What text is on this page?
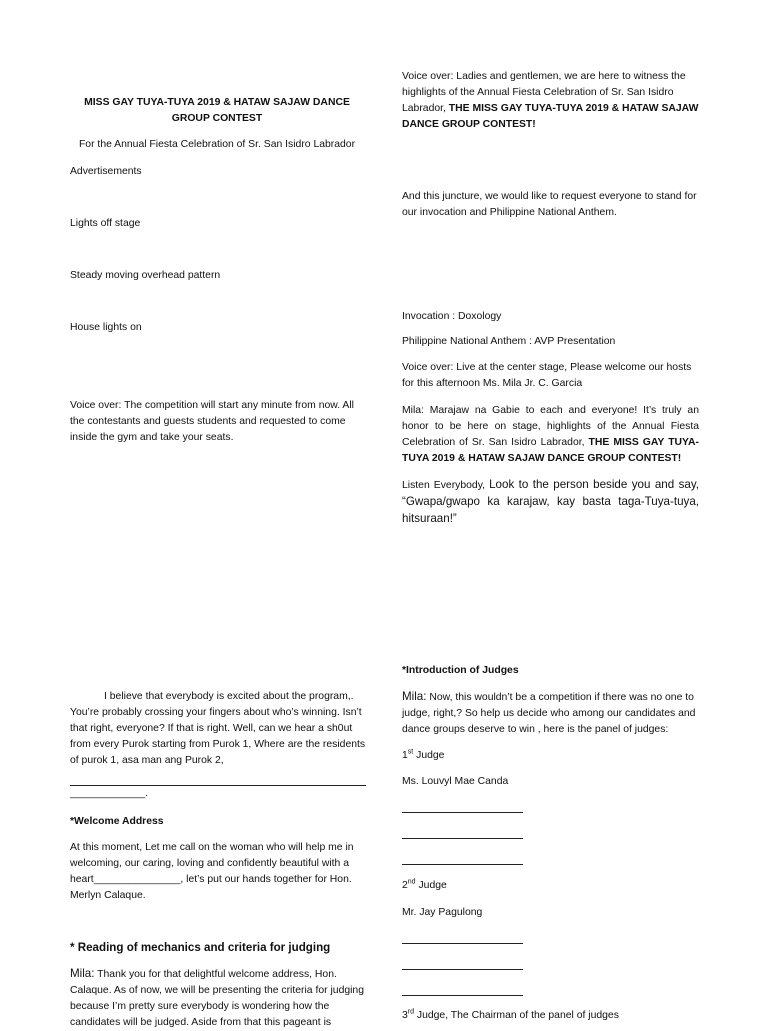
MISS GAY TUYA-TUYA 2019 & HATAW SAJAW DANCE GROUP CONTEST
For the Annual Fiesta Celebration of Sr. San Isidro Labrador
Advertisements
Lights off stage
Steady moving overhead pattern
House lights on
Voice over: The competition will start any minute from now. All the contestants and guests students and requested to come inside the gym and take your seats.
I believe that everybody is excited about the program,. You’re probably crossing your fingers about who’s winning. Isn’t that right, everyone? If that is right. Well, can we hear a sh0ut from every Purok starting from Purok 1, Where are the residents of purok 1, asa man ang Purok 2,
_____________.
*Welcome Address
At this moment, Let me call on the woman who will help me in welcoming, our caring, loving and confidently beautiful with a heart_______________, let’s put our hands together for Hon. Merlyn Calaque.
* Reading of mechanics and criteria for judging
Mila: Thank you for that delightful welcome address, Hon. Calaque. As of now, we will be presenting the criteria for judging because I’m pretty sure everybody is wondering how the candidates will be judged. Aside from that this pageant is
Voice over: Ladies and gentlemen, we are here to witness the highlights of the Annual Fiesta Celebration of Sr. San Isidro Labrador, THE MISS GAY TUYA-TUYA 2019 & HATAW SAJAW DANCE GROUP CONTEST!
And this juncture, we would like to request everyone to stand for our invocation and Philippine National Anthem.
Invocation : Doxology
Philippine National Anthem : AVP Presentation
Voice over: Live at the center stage, Please welcome our hosts for this afternoon Ms. Mila Jr. C. Garcia
Mila: Marajaw na Gabie to each and everyone! It’s truly an honor to be here on stage, highlights of the Annual Fiesta Celebration of Sr. San Isidro Labrador, THE MISS GAY TUYA-TUYA 2019 & HATAW SAJAW DANCE GROUP CONTEST!
Listen Everybody, Look to the person beside you and say, “Gwapa/gwapo ka karajaw, kay basta taga-Tuya-tuya, hitsuraan!”
*Introduction of Judges
Mila: Now, this wouldn’t be a competition if there was no one to judge, right,? So help us decide who among our candidates and dance groups deserve to win , here is the panel of judges:
1st Judge
Ms. Louvyl Mae Canda
2nd Judge
Mr. Jay Pagulong
3rd Judge, The Chairman of the panel of judges
